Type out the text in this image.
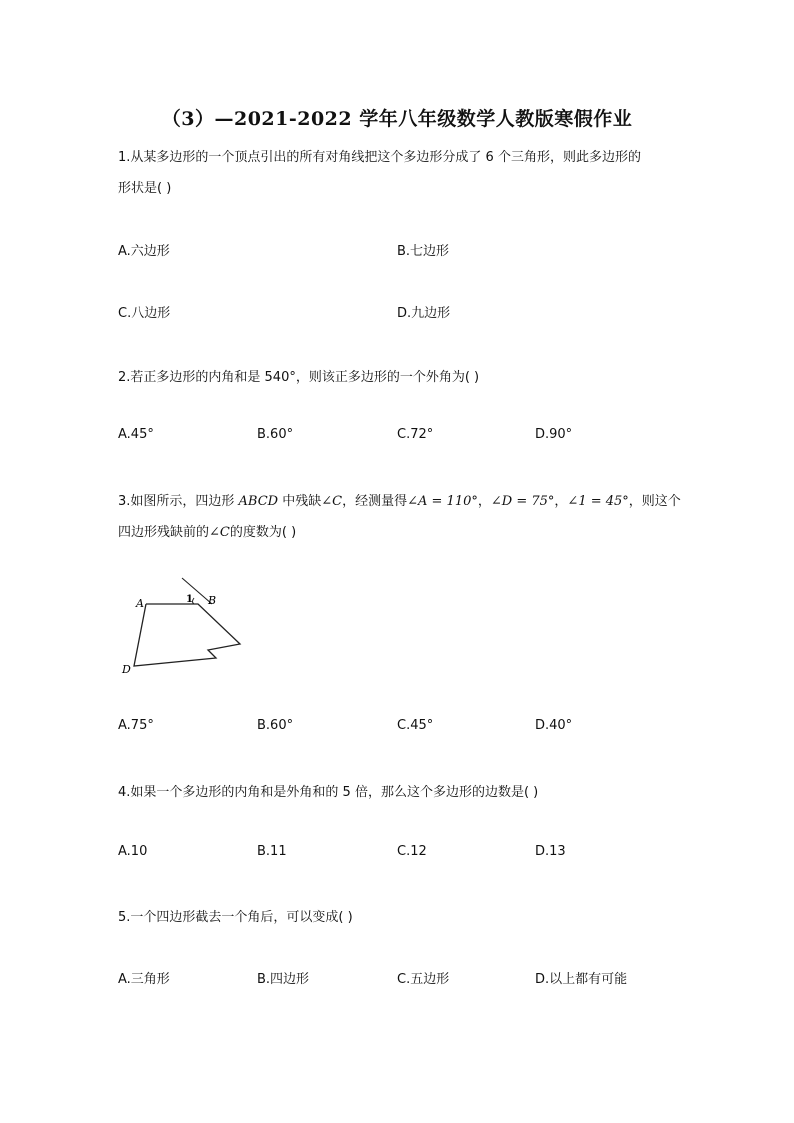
（3）—2021-2022 学年八年级数学人教版寒假作业
1.从某多边形的一个顶点引出的所有对角线把这个多边形分成了 6 个三角形，则此多边形的
形状是( )
A.六边形	B.七边形
C.八边形	D.九边形
2.若正多边形的内角和是 540°，则该正多边形的一个外角为( )
A.45°	B.60°	C.72°	D.90°
3.如图所示，四边形 ABCD 中残缺∠C，经测量得∠A = 110°，∠D = 75°，∠1 = 45°，则这个
四边形残缺前的∠C的度数为( )
A	B
D
1
A.75°	B.60°	C.45°	D.40°
4.如果一个多边形的内角和是外角和的 5 倍，那么这个多边形的边数是( )
A.10	B.11	C.12	D.13
5.一个四边形截去一个角后，可以变成( )
A.三角形	B.四边形	C.五边形	D.以上都有可能
